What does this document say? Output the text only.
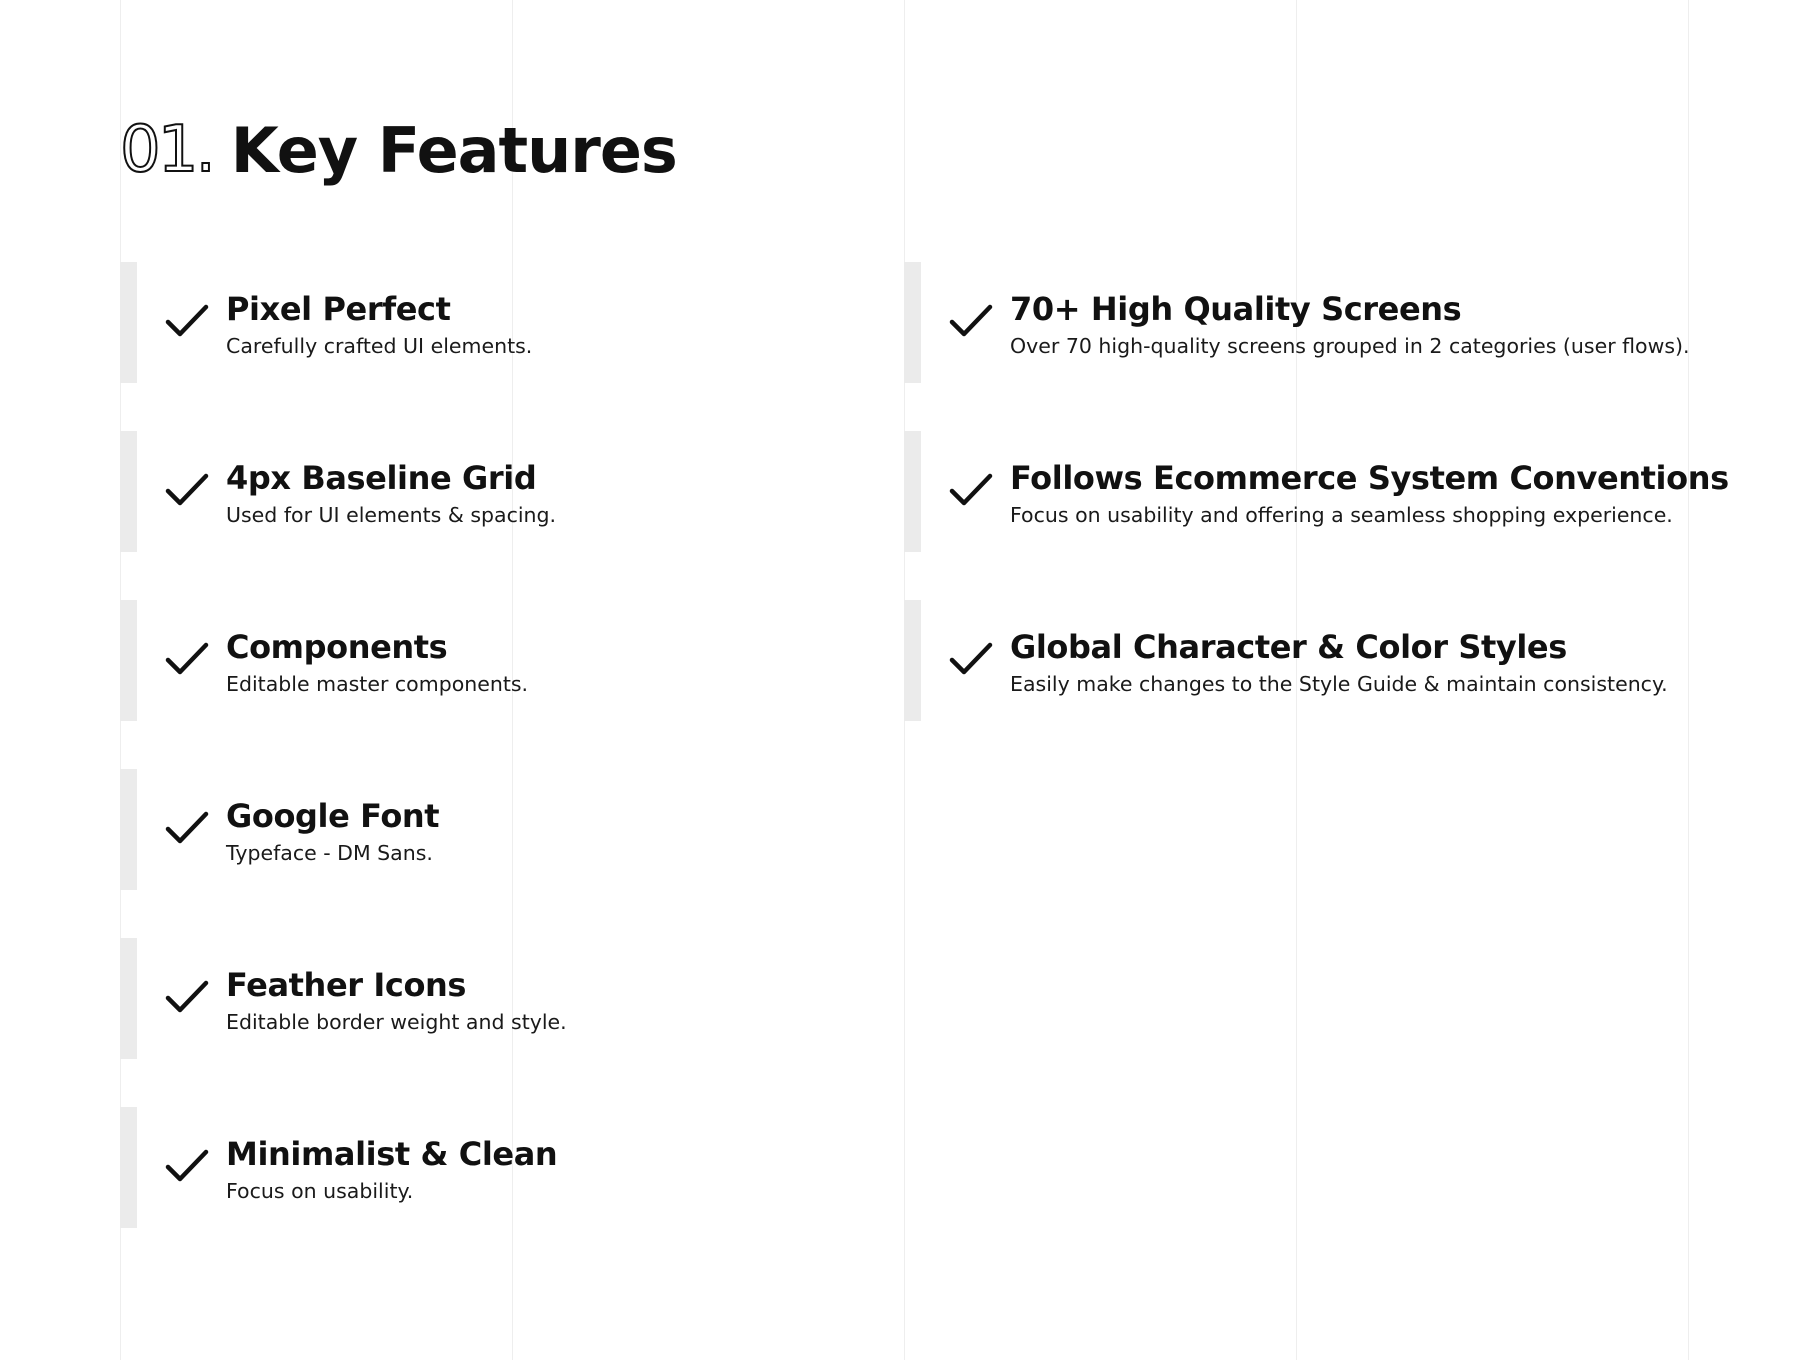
01. Key Features
Pixel Perfect
Carefully crafted UI elements.
4px Baseline Grid
Used for UI elements & spacing.
Components
Editable master components.
Google Font
Typeface - DM Sans.
Feather Icons
Editable border weight and style.
Minimalist & Clean
Focus on usability.
70+ High Quality Screens
Over 70 high-quality screens grouped in 2 categories (user flows).
Follows Ecommerce System Conventions
Focus on usability and offering a seamless shopping experience.
Global Character & Color Styles
Easily make changes to the Style Guide & maintain consistency.
